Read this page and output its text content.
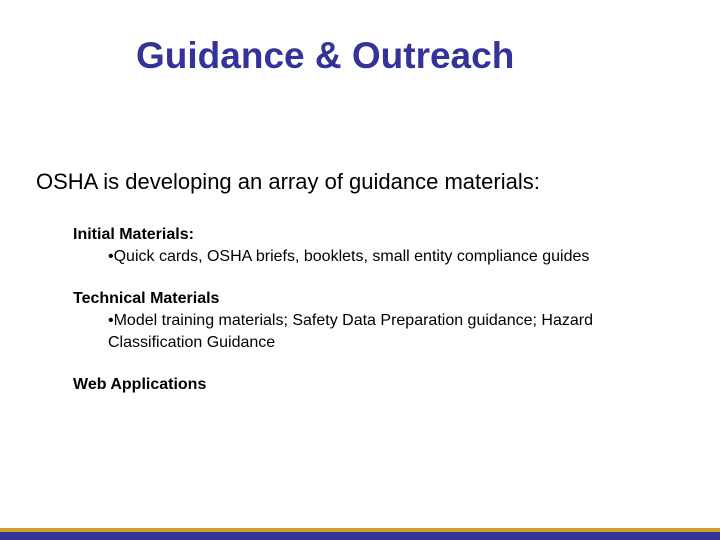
Guidance & Outreach

OSHA is developing an array of guidance materials:

Initial Materials:

•Quick cards, OSHA briefs, booklets, small entity compliance guides

Technical Materials

•Model training materials; Safety Data Preparation guidance; Hazard Classification Guidance

Web Applications
